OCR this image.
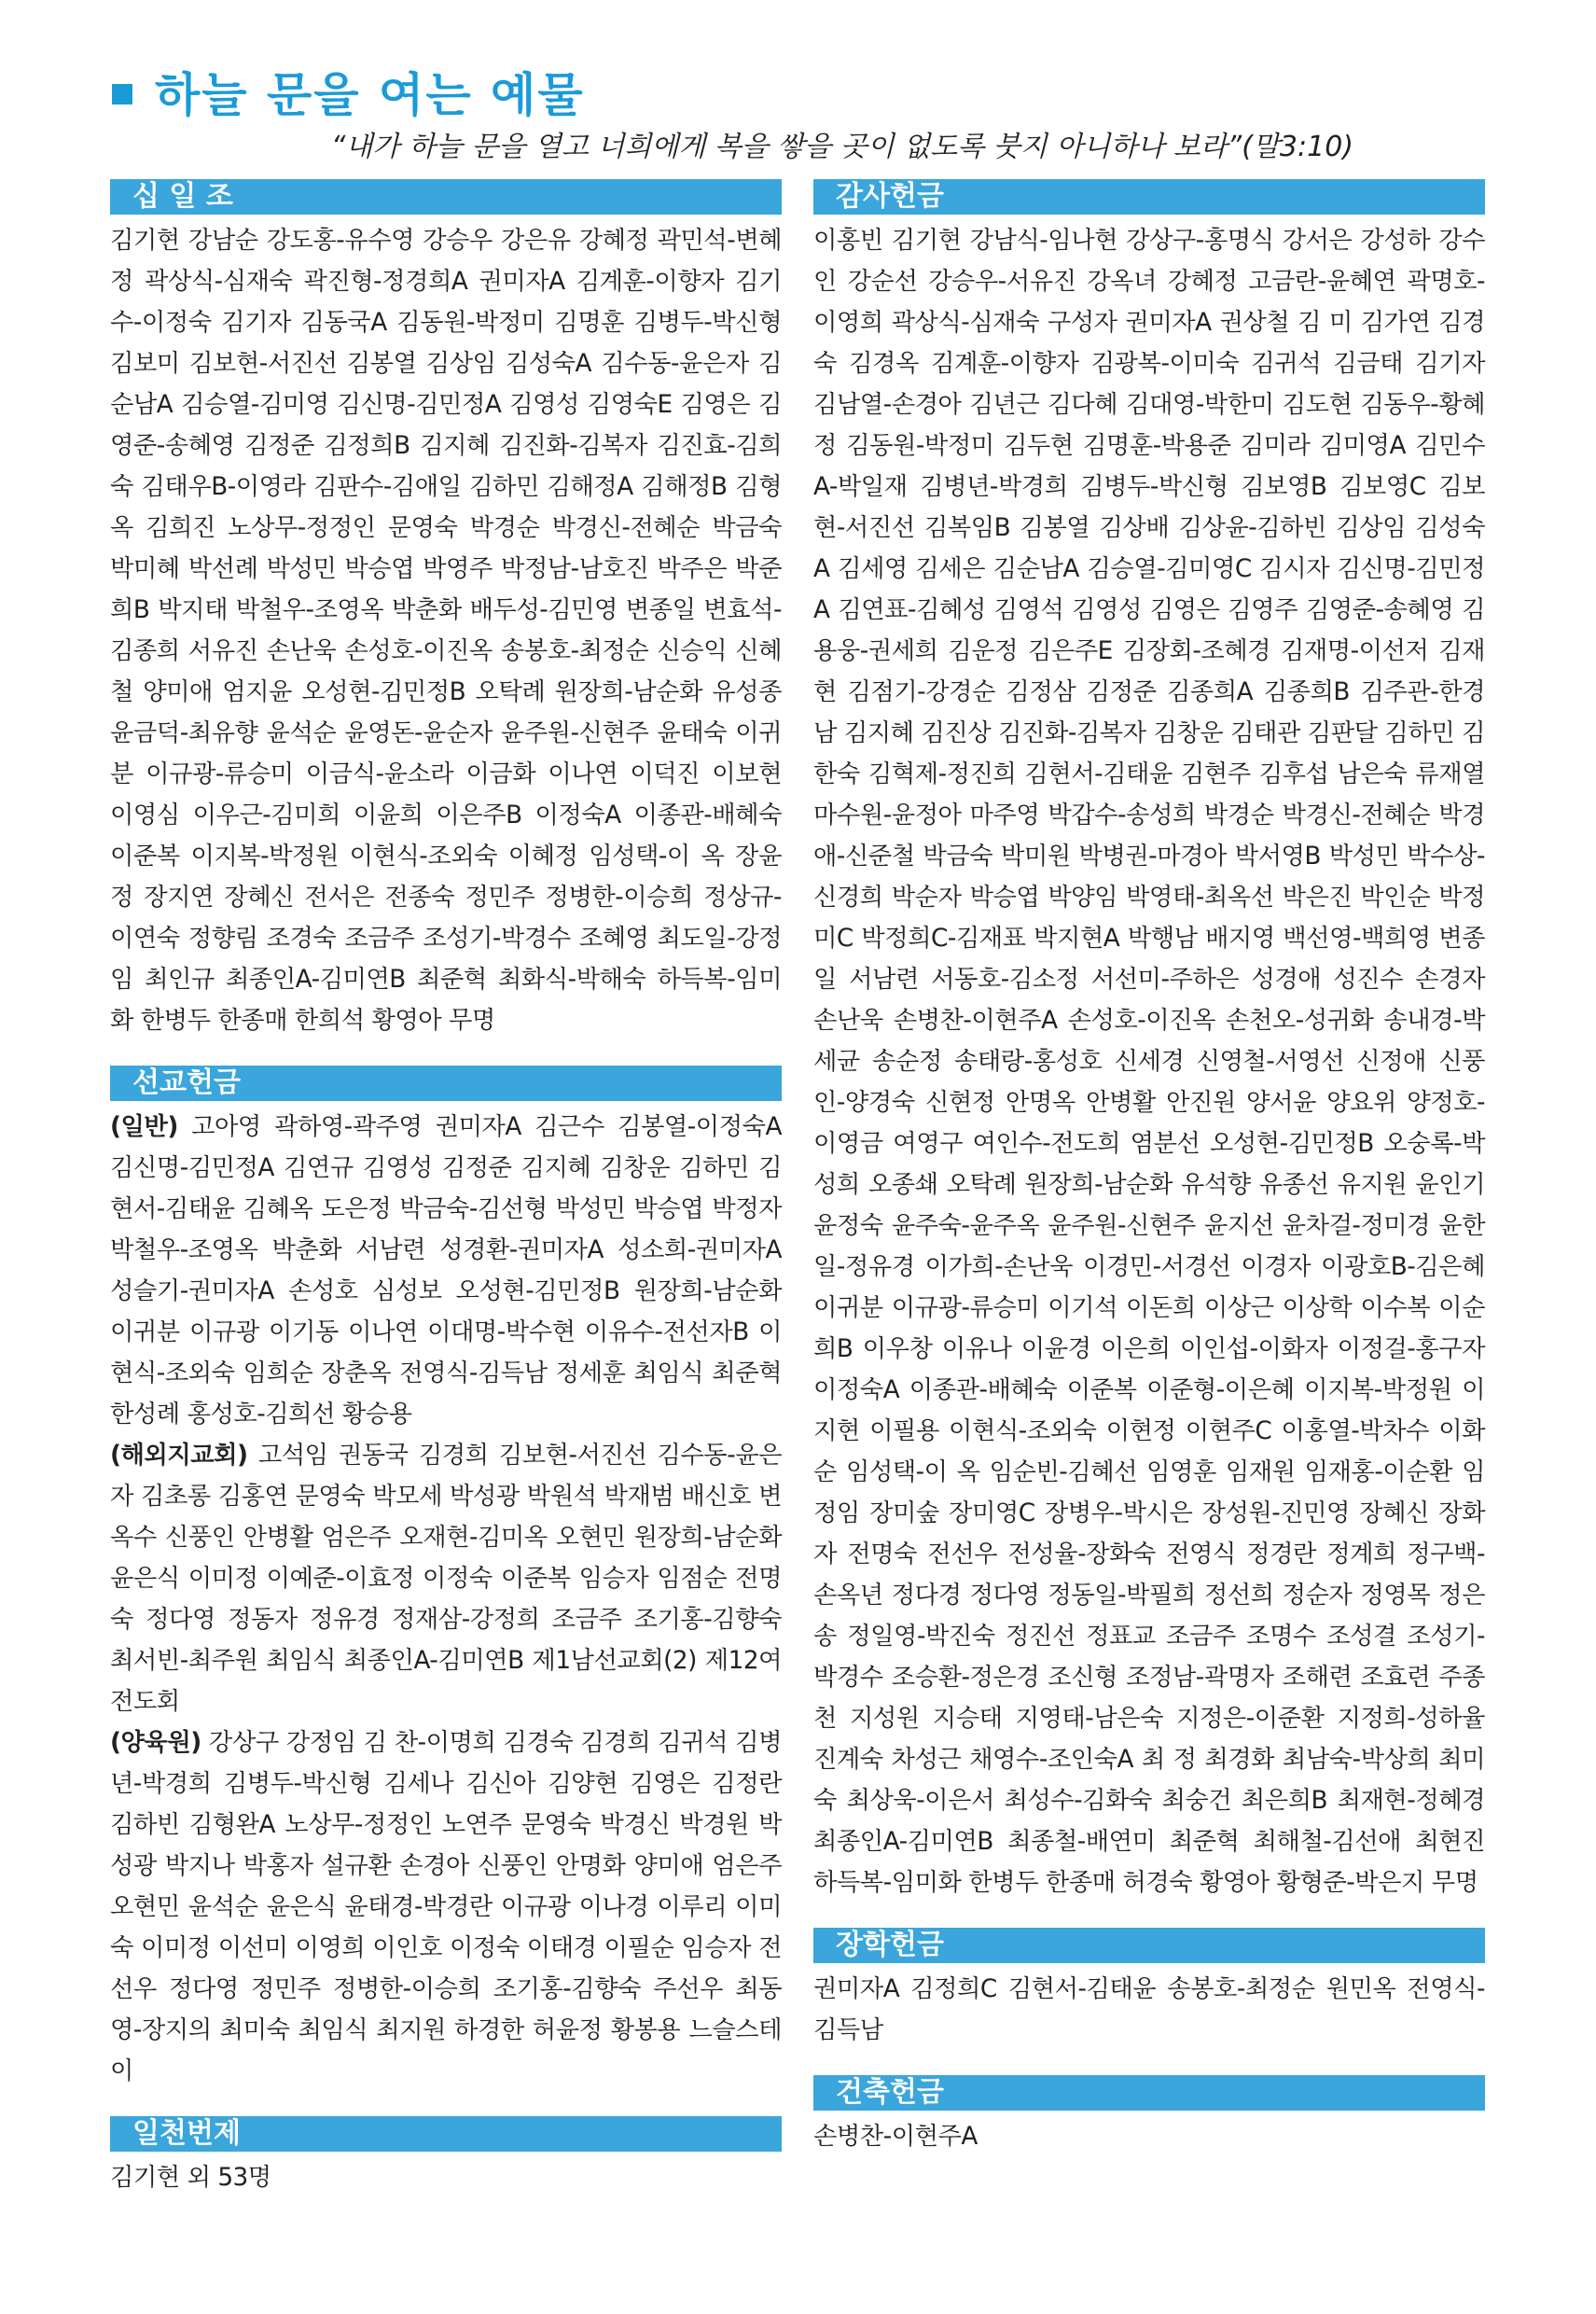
하늘 문을 여는 예물
“내가 하늘 문을 열고 너희에게 복을 쌓을 곳이 없도록 붓지 아니하나 보라”(말3:10)
십 일 조
김기현 강남순 강도홍-유수영 강승우 강은유 강혜정 곽민석-변혜정 곽상식-심재숙 곽진형-정경희A 권미자A 김계훈-이향자 김기수-이정숙 김기자 김동국A 김동원-박정미 김명훈 김병두-박신형 김보미 김보현-서진선 김봉열 김상임 김성숙A 김수동-윤은자 김순남A 김승열-김미영 김신명-김민정A 김영성 김영숙E 김영은 김영준-송혜영 김정준 김정희B 김지혜 김진화-김복자 김진효-김희숙 김태우B-이영라 김판수-김애일 김하민 김해정A 김해정B 김형옥 김희진 노상무-정정인 문영숙 박경순 박경신-전혜순 박금숙 박미혜 박선례 박성민 박승엽 박영주 박정남-남호진 박주은 박준희B 박지태 박철우-조영옥 박춘화 배두성-김민영 변종일 변효석-김종희 서유진 손난욱 손성호-이진옥 송봉호-최정순 신승익 신혜철 양미애 엄지윤 오성현-김민정B 오탁례 원장희-남순화 유성종 윤금덕-최유향 윤석순 윤영돈-윤순자 윤주원-신현주 윤태숙 이귀분 이규광-류승미 이금식-윤소라 이금화 이나연 이덕진 이보현 이영심 이우근-김미희 이윤희 이은주B 이정숙A 이종관-배혜숙 이준복 이지복-박정원 이현식-조외숙 이혜정 임성택-이 옥 장윤정 장지연 장혜신 전서은 전종숙 정민주 정병한-이승희 정상규-이연숙 정향림 조경숙 조금주 조성기-박경수 조혜영 최도일-강정임 최인규 최종인A-김미연B 최준혁 최화식-박해숙 하득복-임미화 한병두 한종매 한희석 황영아 무명
선교헌금

(일반) 고아영 곽하영-곽주영 권미자A 김근수 김봉열-이정숙A 김신명-김민정A 김연규 김영성 김정준 김지혜 김창운 김하민 김현서-김태윤 김혜옥 도은정 박금숙-김선형 박성민 박승엽 박정자 박철우-조영옥 박춘화 서남련 성경환-권미자A 성소희-권미자A 성슬기-권미자A 손성호 심성보 오성현-김민정B 원장희-남순화 이귀분 이규광 이기동 이나연 이대명-박수현 이유수-전선자B 이현식-조외숙 임희순 장춘옥 전영식-김득남 정세훈 최임식 최준혁 한성례 홍성호-김희선 황승용

(해외지교회) 고석임 권동국 김경희 김보현-서진선 김수동-윤은자 김초롱 김홍연 문영숙 박모세 박성광 박원석 박재범 배신호 변옥수 신풍인 안병활 엄은주 오재현-김미옥 오현민 원장희-남순화 윤은식 이미정 이예준-이효정 이정숙 이준복 임승자 임점순 전명숙 정다영 정동자 정유경 정재삼-강정희 조금주 조기홍-김향숙 최서빈-최주원 최임식 최종인A-김미연B 제1남선교회(2) 제12여전도회

(양육원) 강상구 강정임 김 찬-이명희 김경숙 김경희 김귀석 김병년-박경희 김병두-박신형 김세나 김신아 김양현 김영은 김정란 김하빈 김형완A 노상무-정정인 노연주 문영숙 박경신 박경원 박성광 박지나 박홍자 설규환 손경아 신풍인 안명화 양미애 엄은주 오현민 윤석순 윤은식 윤태경-박경란 이규광 이나경 이루리 이미숙 이미정 이선미 이영희 이인호 이정숙 이태경 이필순 임승자 전선우 정다영 정민주 정병한-이승희 조기홍-김향숙 주선우 최동영-장지의 최미숙 최임식 최지원 하경한 허윤정 황봉용 느슬스테이

일천번제
김기현 외 53명
감사헌금
이홍빈 김기현 강남식-임나현 강상구-홍명식 강서은 강성하 강수인 강순선 강승우-서유진 강옥녀 강혜정 고금란-윤혜연 곽명호-이영희 곽상식-심재숙 구성자 권미자A 권상철 김 미 김가연 김경숙 김경옥 김계훈-이향자 김광복-이미숙 김귀석 김금태 김기자 김남열-손경아 김년근 김다혜 김대영-박한미 김도현 김동우-황혜정 김동원-박정미 김두현 김명훈-박용준 김미라 김미영A 김민수A-박일재 김병년-박경희 김병두-박신형 김보영B 김보영C 김보현-서진선 김복임B 김봉열 김상배 김상윤-김하빈 김상임 김성숙A 김세영 김세은 김순남A 김승열-김미영C 김시자 김신명-김민정A 김연표-김혜성 김영석 김영성 김영은 김영주 김영준-송혜영 김용웅-권세희 김운정 김은주E 김장회-조혜경 김재명-이선저 김재현 김점기-강경순 김정삼 김정준 김종희A 김종희B 김주관-한경남 김지혜 김진상 김진화-김복자 김창운 김태관 김판달 김하민 김한숙 김혁제-정진희 김현서-김태윤 김현주 김후섭 남은숙 류재열 마수원-윤정아 마주영 박갑수-송성희 박경순 박경신-전혜순 박경애-신준철 박금숙 박미원 박병권-마경아 박서영B 박성민 박수상-신경희 박순자 박승엽 박양임 박영태-최옥선 박은진 박인순 박정미C 박정희C-김재표 박지현A 박행남 배지영 백선영-백희영 변종일 서남련 서동호-김소정 서선미-주하은 성경애 성진수 손경자 손난욱 손병찬-이현주A 손성호-이진옥 손천오-성귀화 송내경-박세균 송순정 송태랑-홍성호 신세경 신영철-서영선 신정애 신풍인-양경숙 신현정 안명옥 안병활 안진원 양서윤 양요위 양정호-이영금 여영구 여인수-전도희 염분선 오성현-김민정B 오숭록-박성희 오종쇄 오탁례 원장희-남순화 유석향 유종선 유지원 윤인기 윤정숙 윤주숙-윤주옥 윤주원-신현주 윤지선 윤차걸-정미경 윤한일-정유경 이가희-손난욱 이경민-서경선 이경자 이광호B-김은혜 이귀분 이규광-류승미 이기석 이돈희 이상근 이상학 이수복 이순희B 이우창 이유나 이윤경 이은희 이인섭-이화자 이정걸-홍구자 이정숙A 이종관-배혜숙 이준복 이준형-이은혜 이지복-박정원 이지현 이필용 이현식-조외숙 이현정 이현주C 이홍열-박차수 이화순 임성택-이 옥 임순빈-김혜선 임영훈 임재원 임재홍-이순환 임정임 장미숲 장미영C 장병우-박시은 장성원-진민영 장혜신 장화자 전명숙 전선우 전성율-장화숙 전영식 정경란 정계희 정구백-손옥년 정다경 정다영 정동일-박필희 정선희 정순자 정영목 정은송 정일영-박진숙 정진선 정표교 조금주 조명수 조성결 조성기-박경수 조승환-정은경 조신형 조정남-곽명자 조해련 조효련 주종천 지성원 지승태 지영태-남은숙 지정은-이준환 지정희-성하율 진계숙 차성근 채영수-조인숙A 최 정 최경화 최남숙-박상희 최미숙 최상욱-이은서 최성수-김화숙 최숭건 최은희B 최재현-정혜경 최종인A-김미연B 최종철-배연미 최준혁 최해철-김선애 최현진 하득복-임미화 한병두 한종매 허경숙 황영아 황형준-박은지 무명
장학헌금
권미자A 김정희C 김현서-김태윤 송봉호-최정순 원민옥 전영식-김득남
건축헌금
손병찬-이현주A
